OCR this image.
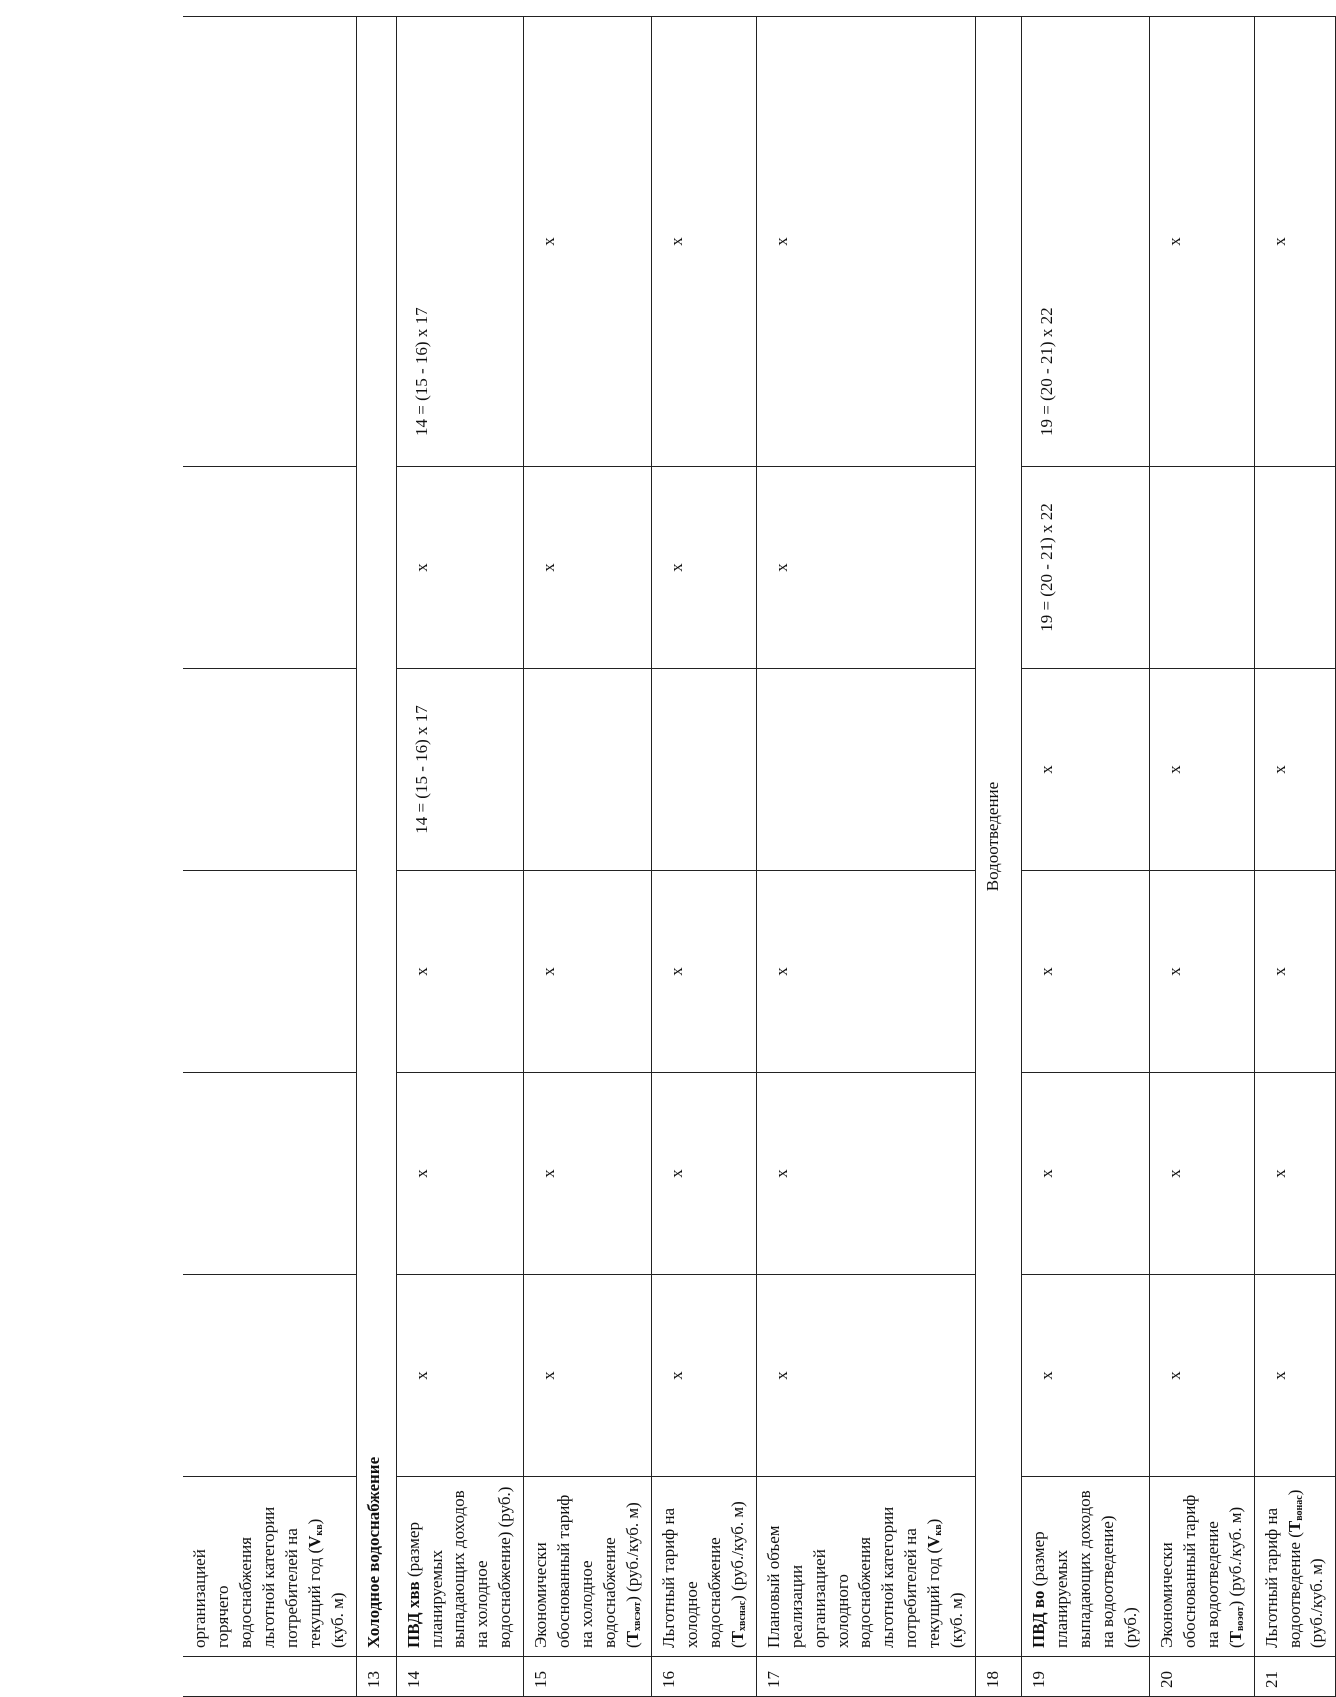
	организацией горячего водоснабжения льготной категории потребителей на текущий год $(V_{кв})$ (куб. м)						
13	Холодное водоснабжение						
14	ПВД хвв (размер планируемых выпадающих доходов на холодное водоснабжение) (руб.)	x	x	x	14 = (15 - 16) x 17	x	14 = (15 - 16) x 17
15	Экономически обоснованный тариф на холодное водоснабжение $(Т_{хвсэот})$ (руб./куб. м)	x	x	x		x	x
16	Льготный тариф на холодное водоснабжение $(Т_{хвснас})$ (руб./куб. м)	x	x	x		x	x
17	Плановый объем реализации организацией холодного водоснабжения льготной категории потребителей на текущий год $(V_{кв})$ (куб. м)	x	x	x		x	x
18	Водоотведение						
19	ПВД во (размер планируемых выпадающих доходов на водоотведение) (руб.)	x	x	x	x	19 = (20 - 21) x 22	19 = (20 - 21) x 22
20	Экономически обоснованный тариф на водоотведение $(Т_{воэот})$ (руб./куб. м)	x	x	x	x		x
21	Льготный тариф на водоотведение $(Т_{вонас})$ (руб./куб. м)	x	x	x	x		x
